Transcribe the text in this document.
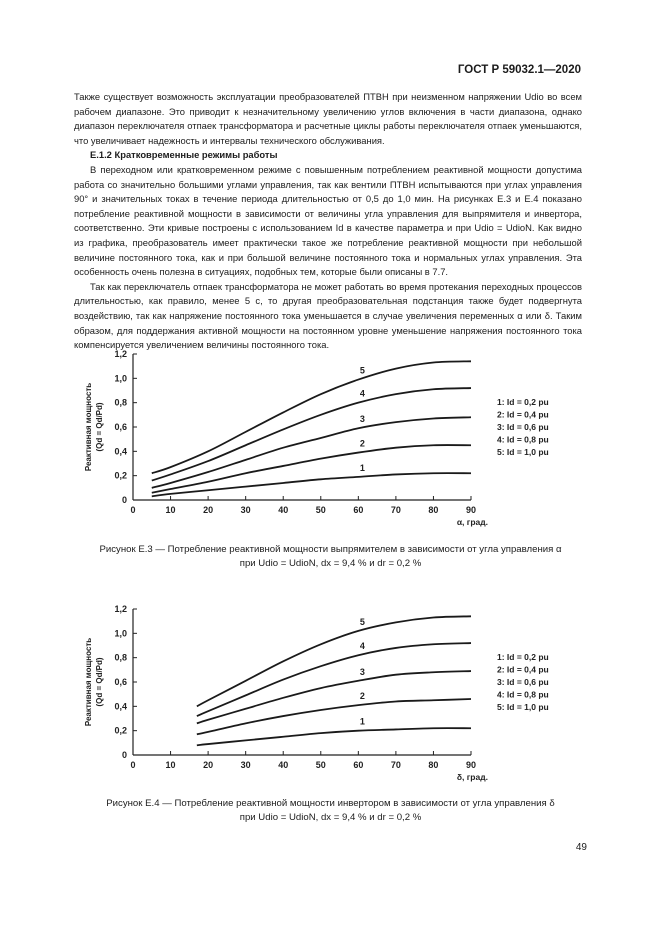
ГОСТ Р 59032.1—2020

Также существует возможность эксплуатации преобразователей ПТВН при неизменном напряжении Udio во всем рабочем диапазоне. Это приводит к незначительному увеличению углов включения в части диапазона, однако диапазон переключателя отпаек трансформатора и расчетные циклы работы переключателя отпаек уменьшаются, что увеличивает надежность и интервалы технического обслуживания.

Е.1.2 Кратковременные режимы работы

В переходном или кратковременном режиме с повышенным потреблением реактивной мощности допустима работа со значительно большими углами управления, так как вентили ПТВН испытываются при углах управления 90° и значительных токах в течение периода длительностью от 0,5 до 1,0 мин. На рисунках Е.3 и Е.4 показано потребление реактивной мощности в зависимости от величины угла управления для выпрямителя и инвертора, соответственно. Эти кривые построены с использованием Id в качестве параметра и при Udio = UdioN. Как видно из графика, преобразователь имеет практически такое же потребление реактивной мощности при небольшой величине постоянного тока, как и при большой величине постоянного тока и нормальных углах управления. Эта особенность очень полезна в ситуациях, подобных тем, которые были описаны в 7.7.

Так как переключатель отпаек трансформатора не может работать во время протекания переходных процессов длительностью, как правило, менее 5 с, то другая преобразовательная подстанция также будет подвергнута воздействию, так как напряжение постоянного тока уменьшается в случае увеличения переменных α или δ. Таким образом, для поддержания активной мощности на постоянном уровне уменьшение напряжения постоянного тока компенсируется увеличением величины постоянного тока.

0	10	20	30	40	50	60	70	80	90
0
0,2
0,4
0,6
0,8
1,0
1,2
α, град.
Реактивная мощность (Qd = Qd/Pd)
1
2
3
4
5
1: Id = 0,2 pu
2: Id = 0,4 pu
3: Id = 0,6 pu
4: Id = 0,8 pu
5: Id = 1,0 pu
Рисунок Е.3 — Потребление реактивной мощности выпрямителем в зависимости от угла управления α
при Udio = UdioN, dx = 9,4 % и dr = 0,2 %
0	10	20	30	40	50	60	70	80	90
0
0,2
0,4
0,6
0,8
1,0
1,2
δ, град.
Реактивная мощность (Qd = Qd/Pd)
1
2
3
4
5
1: Id = 0,2 pu
2: Id = 0,4 pu
3: Id = 0,6 pu
4: Id = 0,8 pu
5: Id = 1,0 pu
Рисунок Е.4 — Потребление реактивной мощности инвертором в зависимости от угла управления δ
при Udio = UdioN, dx = 9,4 % и dr = 0,2 %
49
